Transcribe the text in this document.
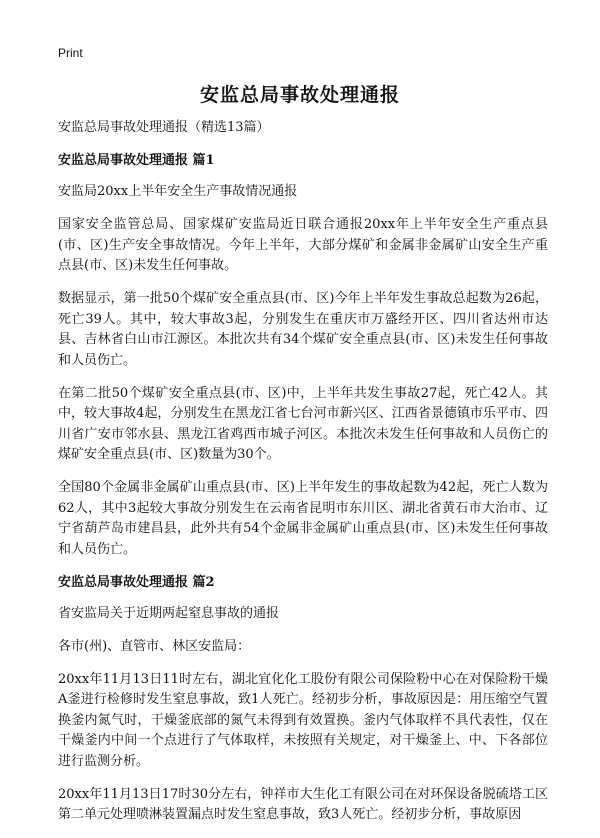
Print
安监总局事故处理通报

安监总局事故处理通报（精选13篇）

安监总局事故处理通报 篇1

安监局20xx上半年安全生产事故情况通报

国家安全监管总局、国家煤矿安监局近日联合通报20xx年上半年安全生产重点县(市、区)生产安全事故情况。今年上半年，大部分煤矿和金属非金属矿山安全生产重点县(市、区)未发生任何事故。

数据显示，第一批50个煤矿安全重点县(市、区)今年上半年发生事故总起数为26起，死亡39人。其中，较大事故3起，分别发生在重庆市万盛经开区、四川省达州市达县、吉林省白山市江源区。本批次共有34个煤矿安全重点县(市、区)未发生任何事故和人员伤亡。

在第二批50个煤矿安全重点县(市、区)中，上半年共发生事故27起，死亡42人。其中，较大事故4起，分别发生在黑龙江省七台河市新兴区、江西省景德镇市乐平市、四川省广安市邻水县、黑龙江省鸡西市城子河区。本批次未发生任何事故和人员伤亡的煤矿安全重点县(市、区)数量为30个。

全国80个金属非金属矿山重点县(市、区)上半年发生的事故起数为42起，死亡人数为62人，其中3起较大事故分别发生在云南省昆明市东川区、湖北省黄石市大治市、辽宁省葫芦岛市建昌县，此外共有54个金属非金属矿山重点县(市、区)未发生任何事故和人员伤亡。

安监总局事故处理通报 篇2

省安监局关于近期两起窒息事故的通报

各市(州)、直管市、林区安监局：

20xx年11月13日11时左右，湖北宜化化工股份有限公司保险粉中心在对保险粉干燥A釜进行检修时发生窒息事故，致1人死亡。经初步分析，事故原因是：用压缩空气置换釜内氮气时，干燥釜底部的氮气未得到有效置换。釜内气体取样不具代表性，仅在干燥釜内中间一个点进行了气体取样，未按照有关规定，对干燥釜上、中、下各部位进行监测分析。

20xx年11月13日17时30分左右，钟祥市大生化工有限公司在对环保设备脱硫塔工区第二单元处理喷淋装置漏点时发生窒息事故，致3人死亡。经初步分析，事故原因
